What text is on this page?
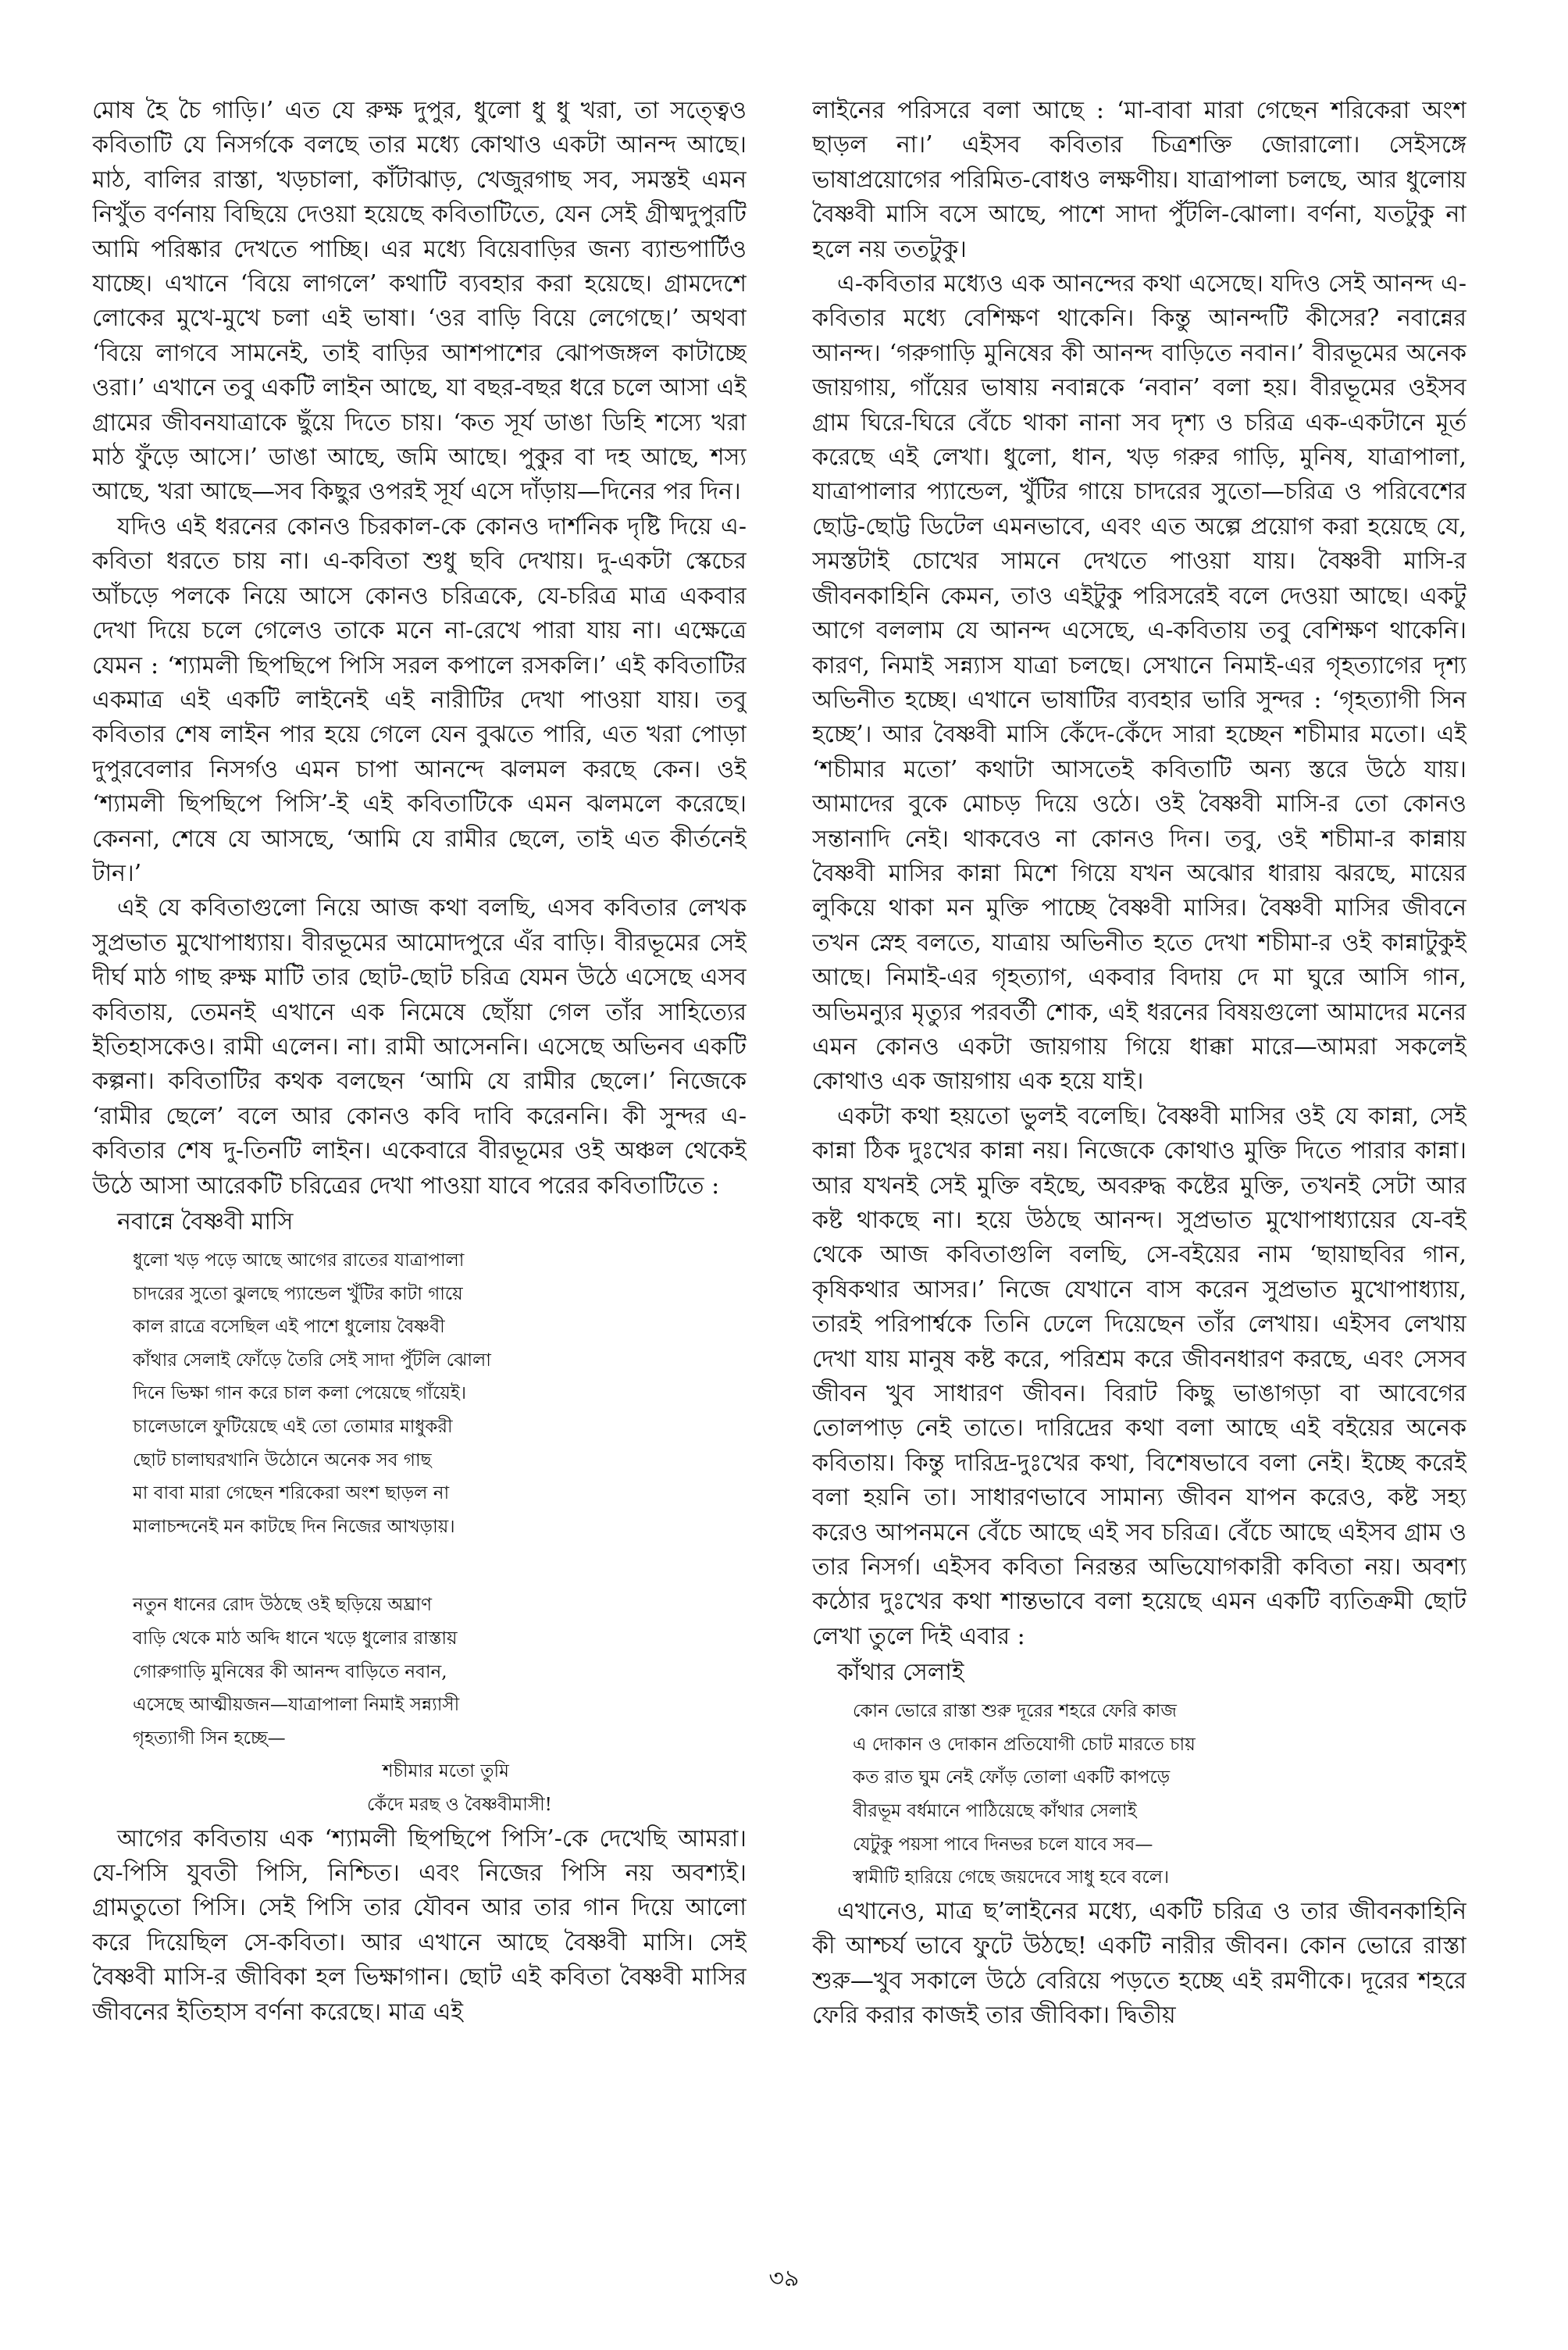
মোষ হৈ চৈ গাড়ি।’ এত যে রুক্ষ দুপুর, ধুলো ধু ধু খরা, তা সত্ত্বেও কবিতাটি যে নিসর্গকে বলছে তার মধ্যে কোথাও একটা আনন্দ আছে। মাঠ, বালির রাস্তা, খড়চালা, কাঁটাঝাড়, খেজুরগাছ সব, সমস্তই এমন নিখুঁত বর্ণনায় বিছিয়ে দেওয়া হয়েছে কবিতাটিতে, যেন সেই গ্রীষ্মদুপুরটি আমি পরিষ্কার দেখতে পাচ্ছি। এর মধ্যে বিয়েবাড়ির জন্য ব্যান্ডপার্টিও যাচ্ছে। এখানে ‘বিয়ে লাগলে’ কথাটি ব্যবহার করা হয়েছে। গ্রামদেশে লোকের মুখে-মুখে চলা এই ভাষা। ‘ওর বাড়ি বিয়ে লেগেছে।’ অথবা ‘বিয়ে লাগবে সামনেই, তাই বাড়ির আশপাশের ঝোপজঙ্গল কাটাচ্ছে ওরা।’ এখানে তবু একটি লাইন আছে, যা বছর-বছর ধরে চলে আসা এই গ্রামের জীবনযাত্রাকে ছুঁয়ে দিতে চায়। ‘কত সূর্য ডাঙা ডিহি শস্যে খরা মাঠ ফুঁড়ে আসে।’ ডাঙা আছে, জমি আছে। পুকুর বা দহ আছে, শস্য আছে, খরা আছে—সব কিছুর ওপরই সূর্য এসে দাঁড়ায়—দিনের পর দিন।

যদিও এই ধরনের কোনও চিরকাল-কে কোনও দার্শনিক দৃষ্টি দিয়ে এ-কবিতা ধরতে চায় না। এ-কবিতা শুধু ছবি দেখায়। দু-একটা স্কেচের আঁচড়ে পলকে নিয়ে আসে কোনও চরিত্রকে, যে-চরিত্র মাত্র একবার দেখা দিয়ে চলে গেলেও তাকে মনে না-রেখে পারা যায় না। এক্ষেত্রে যেমন : ‘শ্যামলী ছিপছিপে পিসি সরল কপালে রসকলি।’ এই কবিতাটির একমাত্র এই একটি লাইনেই এই নারীটির দেখা পাওয়া যায়। তবু কবিতার শেষ লাইন পার হয়ে গেলে যেন বুঝতে পারি, এত খরা পোড়া দুপুরবেলার নিসর্গও এমন চাপা আনন্দে ঝলমল করছে কেন। ওই ‘শ্যামলী ছিপছিপে পিসি’-ই এই কবিতাটিকে এমন ঝলমলে করেছে। কেননা, শেষে যে আসছে, ‘আমি যে রামীর ছেলে, তাই এত কীর্তনেই টান।’

এই যে কবিতাগুলো নিয়ে আজ কথা বলছি, এসব কবিতার লেখক সুপ্রভাত মুখোপাধ্যায়। বীরভূমের আমোদপুরে এঁর বাড়ি। বীরভূমের সেই দীর্ঘ মাঠ গাছ রুক্ষ মাটি তার ছোট-ছোট চরিত্র যেমন উঠে এসেছে এসব কবিতায়, তেমনই এখানে এক নিমেষে ছোঁয়া গেল তাঁর সাহিত্যের ইতিহাসকেও। রামী এলেন। না। রামী আসেননি। এসেছে অভিনব একটি কল্পনা। কবিতাটির কথক বলছেন ‘আমি যে রামীর ছেলে।’ নিজেকে ‘রামীর ছেলে’ বলে আর কোনও কবি দাবি করেননি। কী সুন্দর এ-কবিতার শেষ দু-তিনটি লাইন। একেবারে বীরভূমের ওই অঞ্চল থেকেই উঠে আসা আরেকটি চরিত্রের দেখা পাওয়া যাবে পরের কবিতাটিতে :

নবান্নে বৈষ্ণবী মাসি
ধুলো খড় পড়ে আছে আগের রাতের যাত্রাপালা
চাদরের সুতো ঝুলছে প্যান্ডেল খুঁটির কাটা গায়ে
কাল রাত্রে বসেছিল এই পাশে ধুলোয় বৈষ্ণবী
কাঁথার সেলাই ফোঁড়ে তৈরি সেই সাদা পুঁটলি ঝোলা
দিনে ভিক্ষা গান করে চাল কলা পেয়েছে গাঁয়েই।
চালেডালে ফুটিয়েছে এই তো তোমার মাধুকরী
ছোট চালাঘরখানি উঠোনে অনেক সব গাছ
মা বাবা মারা গেছেন শরিকেরা অংশ ছাড়ল না
মালাচন্দনেই মন কাটছে দিন নিজের আখড়ায়।
নতুন ধানের রোদ উঠছে ওই ছড়িয়ে অঘ্রাণ
বাড়ি থেকে মাঠ অব্দি ধানে খড়ে ধুলোর রাস্তায়
গোরুগাড়ি মুনিষের কী আনন্দ বাড়িতে নবান,
এসেছে আত্মীয়জন—যাত্রাপালা নিমাই সন্ন্যাসী
গৃহত্যাগী সিন হচ্ছে—
শচীমার মতো তুমি
কেঁদে মরছ ও বৈষ্ণবীমাসী!

আগের কবিতায় এক ‘শ্যামলী ছিপছিপে পিসি’-কে দেখেছি আমরা। যে-পিসি যুবতী পিসি, নিশ্চিত। এবং নিজের পিসি নয় অবশ্যই। গ্রামতুতো পিসি। সেই পিসি তার যৌবন আর তার গান দিয়ে আলো করে দিয়েছিল সে-কবিতা। আর এখানে আছে বৈষ্ণবী মাসি। সেই বৈষ্ণবী মাসি-র জীবিকা হল ভিক্ষাগান। ছোট এই কবিতা বৈষ্ণবী মাসির জীবনের ইতিহাস বর্ণনা করেছে। মাত্র এই

লাইনের পরিসরে বলা আছে : ‘মা-বাবা মারা গেছেন শরিকেরা অংশ ছাড়ল না।’ এইসব কবিতার চিত্রশক্তি জোরালো। সেইসঙ্গে ভাষাপ্রয়োগের পরিমিত-বোধও লক্ষণীয়। যাত্রাপালা চলছে, আর ধুলোয় বৈষ্ণবী মাসি বসে আছে, পাশে সাদা পুঁটলি-ঝোলা। বর্ণনা, যতটুকু না হলে নয় ততটুকু।

এ-কবিতার মধ্যেও এক আনন্দের কথা এসেছে। যদিও সেই আনন্দ এ-কবিতার মধ্যে বেশিক্ষণ থাকেনি। কিন্তু আনন্দটি কীসের? নবান্নের আনন্দ। ‘গরুগাড়ি মুনিষের কী আনন্দ বাড়িতে নবান।’ বীরভূমের অনেক জায়গায়, গাঁয়ের ভাষায় নবান্নকে ‘নবান’ বলা হয়। বীরভূমের ওইসব গ্রাম ঘিরে-ঘিরে বেঁচে থাকা নানা সব দৃশ্য ও চরিত্র এক-একটানে মূর্ত করেছে এই লেখা। ধুলো, ধান, খড় গরুর গাড়ি, মুনিষ, যাত্রাপালা, যাত্রাপালার প্যান্ডেল, খুঁটির গায়ে চাদরের সুতো—চরিত্র ও পরিবেশের ছোট্ট-ছোট্ট ডিটেল এমনভাবে, এবং এত অল্পে প্রয়োগ করা হয়েছে যে, সমস্তটাই চোখের সামনে দেখতে পাওয়া যায়। বৈষ্ণবী মাসি-র জীবনকাহিনি কেমন, তাও এইটুকু পরিসরেই বলে দেওয়া আছে। একটু আগে বললাম যে আনন্দ এসেছে, এ-কবিতায় তবু বেশিক্ষণ থাকেনি। কারণ, নিমাই সন্ন্যাস যাত্রা চলছে। সেখানে নিমাই-এর গৃহত্যাগের দৃশ্য অভিনীত হচ্ছে। এখানে ভাষাটির ব্যবহার ভারি সুন্দর : ‘গৃহত্যাগী সিন হচ্ছে’। আর বৈষ্ণবী মাসি কেঁদে-কেঁদে সারা হচ্ছেন শচীমার মতো। এই ‘শচীমার মতো’ কথাটা আসতেই কবিতাটি অন্য স্তরে উঠে যায়। আমাদের বুকে মোচড় দিয়ে ওঠে। ওই বৈষ্ণবী মাসি-র তো কোনও সন্তানাদি নেই। থাকবেও না কোনও দিন। তবু, ওই শচীমা-র কান্নায় বৈষ্ণবী মাসির কান্না মিশে গিয়ে যখন অঝোর ধারায় ঝরছে, মায়ের লুকিয়ে থাকা মন মুক্তি পাচ্ছে বৈষ্ণবী মাসির। বৈষ্ণবী মাসির জীবনে তখন স্নেহ বলতে, যাত্রায় অভিনীত হতে দেখা শচীমা-র ওই কান্নাটুকুই আছে। নিমাই-এর গৃহত্যাগ, একবার বিদায় দে মা ঘুরে আসি গান, অভিমন্যুর মৃত্যুর পরবর্তী শোক, এই ধরনের বিষয়গুলো আমাদের মনের এমন কোনও একটা জায়গায় গিয়ে ধাক্কা মারে—আমরা সকলেই কোথাও এক জায়গায় এক হয়ে যাই।

একটা কথা হয়তো ভুলই বলেছি। বৈষ্ণবী মাসির ওই যে কান্না, সেই কান্না ঠিক দুঃখের কান্না নয়। নিজেকে কোথাও মুক্তি দিতে পারার কান্না। আর যখনই সেই মুক্তি বইছে, অবরুদ্ধ কষ্টের মুক্তি, তখনই সেটা আর কষ্ট থাকছে না। হয়ে উঠছে আনন্দ। সুপ্রভাত মুখোপাধ্যায়ের যে-বই থেকে আজ কবিতাগুলি বলছি, সে-বইয়ের নাম ‘ছায়াছবির গান, কৃষিকথার আসর।’ নিজে যেখানে বাস করেন সুপ্রভাত মুখোপাধ্যায়, তারই পরিপার্শ্বকে তিনি ঢেলে দিয়েছেন তাঁর লেখায়। এইসব লেখায় দেখা যায় মানুষ কষ্ট করে, পরিশ্রম করে জীবনধারণ করছে, এবং সেসব জীবন খুব সাধারণ জীবন। বিরাট কিছু ভাঙাগড়া বা আবেগের তোলপাড় নেই তাতে। দারিদ্রের কথা বলা আছে এই বইয়ের অনেক কবিতায়। কিন্তু দারিদ্র-দুঃখের কথা, বিশেষভাবে বলা নেই। ইচ্ছে করেই বলা হয়নি তা। সাধারণভাবে সামান্য জীবন যাপন করেও, কষ্ট সহ্য করেও আপনমনে বেঁচে আছে এই সব চরিত্র। বেঁচে আছে এইসব গ্রাম ও তার নিসর্গ। এইসব কবিতা নিরন্তর অভিযোগকারী কবিতা নয়। অবশ্য কঠোর দুঃখের কথা শান্তভাবে বলা হয়েছে এমন একটি ব্যতিক্রমী ছোট লেখা তুলে দিই এবার :

কাঁথার সেলাই
কোন ভোরে রাস্তা শুরু দূরের শহরে ফেরি কাজ
এ দোকান ও দোকান প্রতিযোগী চোট মারতে চায়
কত রাত ঘুম নেই ফোঁড় তোলা একটি কাপড়ে
বীরভূম বর্ধমানে পাঠিয়েছে কাঁথার সেলাই
যেটুকু পয়সা পাবে দিনভর চলে যাবে সব—
স্বামীটি হারিয়ে গেছে জয়দেবে সাধু হবে বলে।

এখানেও, মাত্র ছ’লাইনের মধ্যে, একটি চরিত্র ও তার জীবনকাহিনি কী আশ্চর্য ভাবে ফুটে উঠছে! একটি নারীর জীবন। কোন ভোরে রাস্তা শুরু—খুব সকালে উঠে বেরিয়ে পড়তে হচ্ছে এই রমণীকে। দূরের শহরে ফেরি করার কাজই তার জীবিকা। দ্বিতীয়

৩৯
